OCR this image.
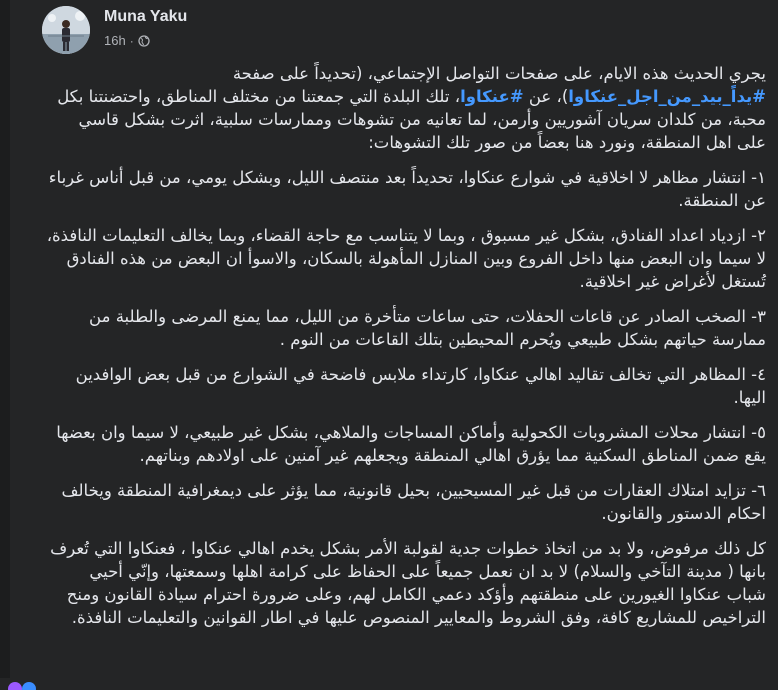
Muna Yaku
16h ·

يجري الحديث هذه الايام، على صفحات التواصل الإجتماعي، (تحديداً على صفحة #يداً_بيد_من_اجل_عنكاوا)، عن #عنكاوا، تلك البلدة التي جمعتنا من مختلف المناطق، واحتضنتنا بكل محبة، من كلدان سريان آشوريين وأرمن، لما تعانيه من تشوهات وممارسات سلبية، اثرت بشكل قاسي على اهل المنطقة، ونورد هنا بعضاً من صور تلك التشوهات:

١- انتشار مظاهر لا اخلاقية في شوارع عنكاوا، تحديداً بعد منتصف الليل، وبشكل يومي، من قبل أناس غرباء عن المنطقة.

٢- ازدياد اعداد الفنادق، بشكل غير مسبوق ، وبما لا يتناسب مع حاجة القضاء، وبما يخالف التعليمات النافذة، لا سيما وان البعض منها داخل الفروع وبين المنازل المأهولة بالسكان، والاسوأ ان البعض من هذه الفنادق تُستغل لأغراض غير اخلاقية.

٣- الصخب الصادر عن قاعات الحفلات، حتى ساعات متأخرة من الليل، مما يمنع المرضى والطلبة من ممارسة حياتهم بشكل طبيعي ويُحرم المحيطين بتلك القاعات من النوم .

٤- المظاهر التي تخالف تقاليد اهالي عنكاوا، كارتداء ملابس فاضحة في الشوارع من قبل بعض الوافدين اليها.

٥- انتشار محلات المشروبات الكحولية وأماكن المساجات والملاهي، بشكل غير طبيعي، لا سيما وان بعضها يقع ضمن المناطق السكنية مما يؤرق اهالي المنطقة ويجعلهم غير آمنين على اولادهم وبناتهم.

٦- تزايد امتلاك العقارات من قبل غير المسيحيين، بحيل قانونية، مما يؤثر على ديمغرافية المنطقة ويخالف احكام الدستور والقانون.

كل ذلك مرفوض، ولا بد من اتخاذ خطوات جدية لقولبة الأمر بشكل يخدم اهالي عنكاوا ، فعنكاوا التي تُعرف بانها ( مدينة التآخي والسلام) لا بد ان نعمل جميعاً على الحفاظ على كرامة اهلها وسمعتها، وإنّي أحيي شباب عنكاوا الغيورين على منطقتهم وأؤكد دعمي الكامل لهم، وعلى ضرورة احترام سيادة القانون ومنح التراخيص للمشاريع كافة، وفق الشروط والمعايير المنصوص عليها في اطار القوانين والتعليمات النافذة.
